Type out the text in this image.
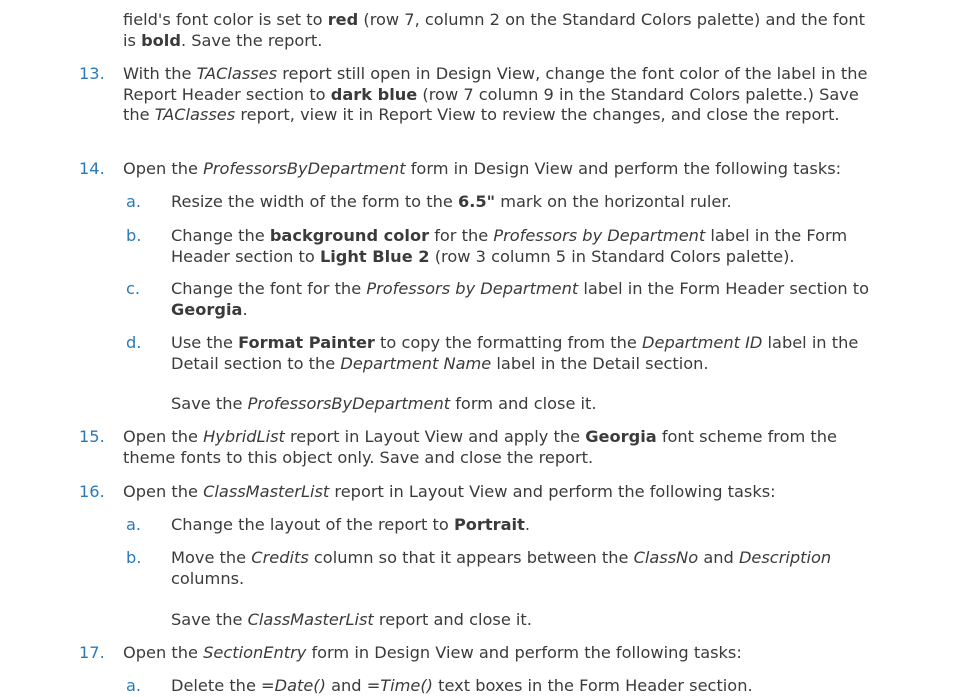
field's font color is set to red (row 7, column 2 on the Standard Colors palette) and the font is bold. Save the report.

13. With the TAClasses report still open in Design View, change the font color of the label in the Report Header section to dark blue (row 7 column 9 in the Standard Colors palette.) Save the TAClasses report, view it in Report View to review the changes, and close the report.

14. Open the ProfessorsByDepartment form in Design View and perform the following tasks:

a. Resize the width of the form to the 6.5" mark on the horizontal ruler.

b. Change the background color for the Professors by Department label in the Form Header section to Light Blue 2 (row 3 column 5 in Standard Colors palette).

c. Change the font for the Professors by Department label in the Form Header section to Georgia.

d. Use the Format Painter to copy the formatting from the Department ID label in the Detail section to the Department Name label in the Detail section.

Save the ProfessorsByDepartment form and close it.

15. Open the HybridList report in Layout View and apply the Georgia font scheme from the theme fonts to this object only. Save and close the report.

16. Open the ClassMasterList report in Layout View and perform the following tasks:

a. Change the layout of the report to Portrait.

b. Move the Credits column so that it appears between the ClassNo and Description columns.

Save the ClassMasterList report and close it.

17. Open the SectionEntry form in Design View and perform the following tasks:

a. Delete the =Date() and =Time() text boxes in the Form Header section.
